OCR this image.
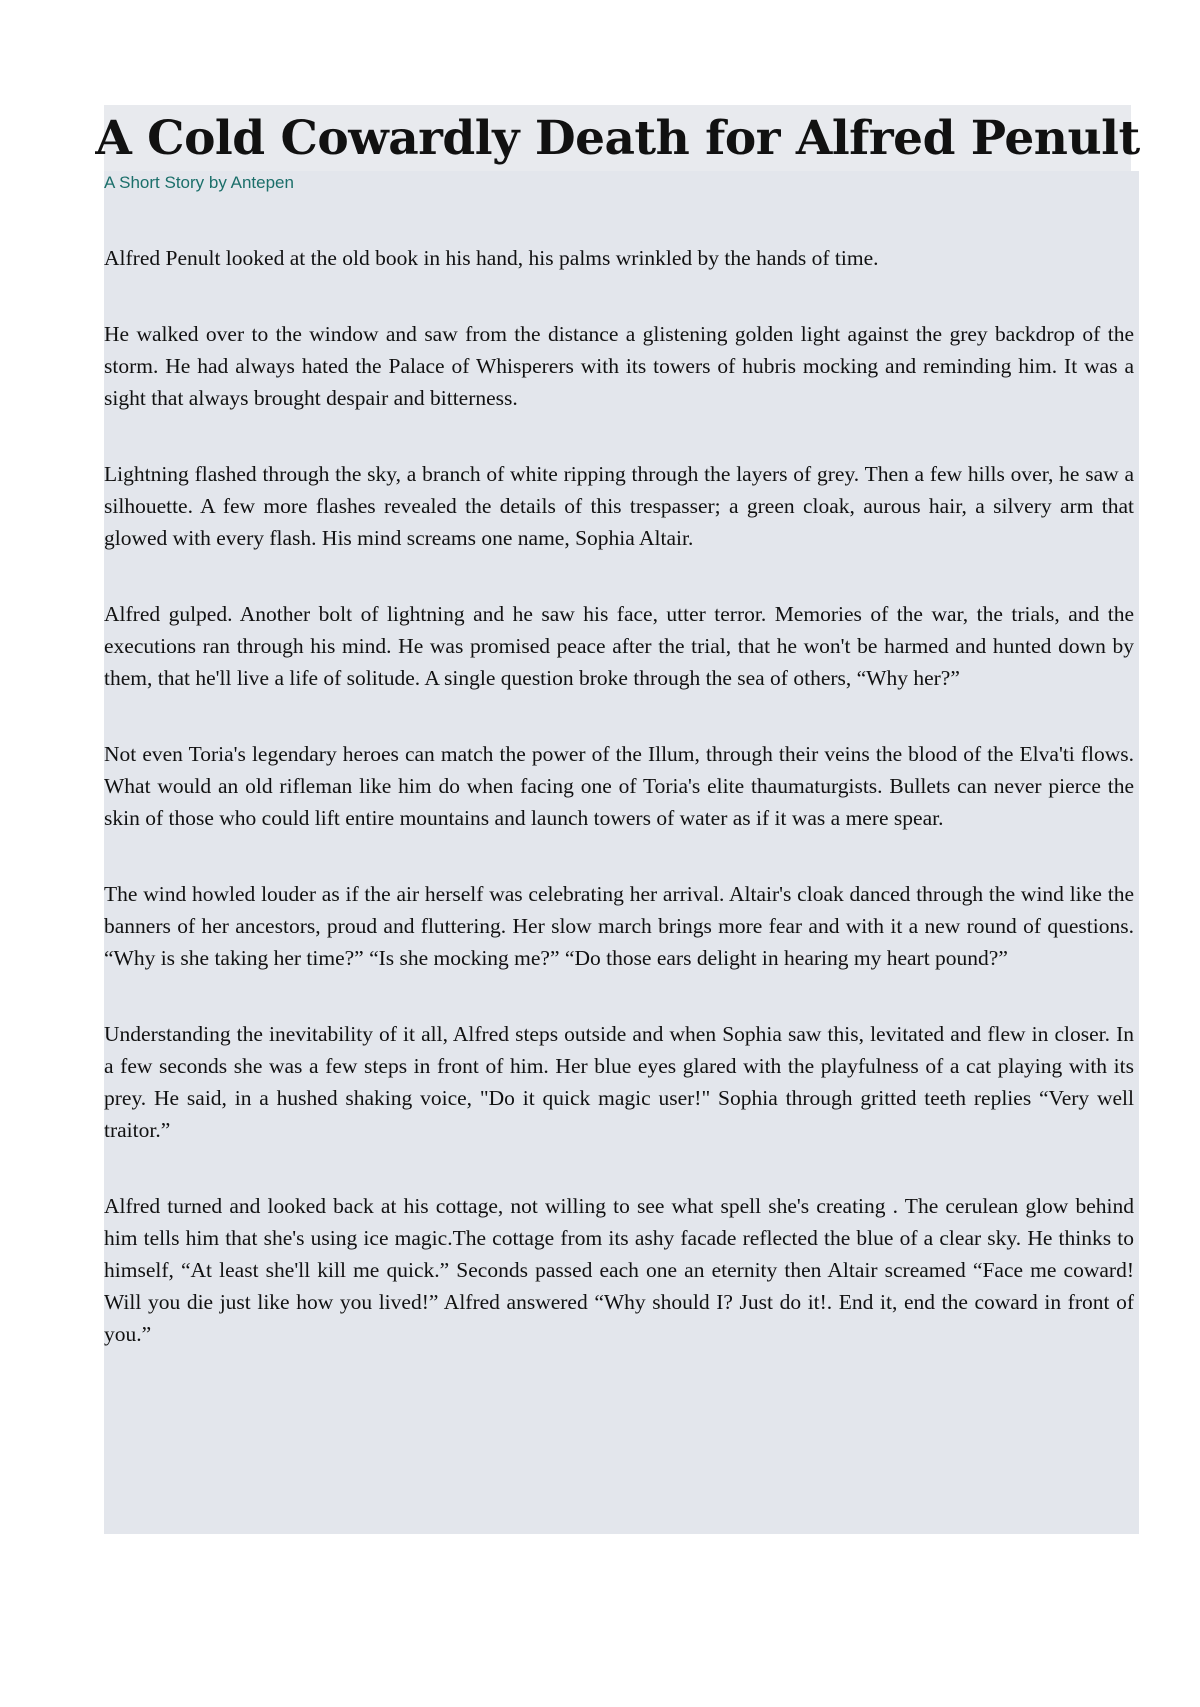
A Cold Cowardly Death for Alfred Penult

A Short Story by Antepen

Alfred Penult looked at the old book in his hand, his palms wrinkled by the hands of time.

He walked over to the window and saw from the distance a glistening golden light against the grey backdrop of the storm. He had always hated the Palace of Whisperers with its towers of hubris mocking and reminding him. It was a sight that always brought despair and bitterness.

Lightning flashed through the sky, a branch of white ripping through the layers of grey. Then a few hills over, he saw a silhouette. A few more flashes revealed the details of this trespasser; a green cloak, aurous hair, a silvery arm that glowed with every flash. His mind screams one name, Sophia Altair.

Alfred gulped. Another bolt of lightning and he saw his face, utter terror. Memories of the war, the trials, and the executions ran through his mind. He was promised peace after the trial, that he won't be harmed and hunted down by them, that he'll live a life of solitude. A single question broke through the sea of others, “Why her?”

Not even Toria's legendary heroes can match the power of the Illum, through their veins the blood of the Elva'ti flows. What would an old rifleman like him do when facing one of Toria's elite thaumaturgists. Bullets can never pierce the skin of those who could lift entire mountains and launch towers of water as if it was a mere spear.

The wind howled louder as if the air herself was celebrating her arrival. Altair's cloak danced through the wind like the banners of her ancestors, proud and fluttering. Her slow march brings more fear and with it a new round of questions. “Why is she taking her time?” “Is she mocking me?” “Do those ears delight in hearing my heart pound?”

Understanding the inevitability of it all, Alfred steps outside and when Sophia saw this, levitated and flew in closer. In a few seconds she was a few steps in front of him. Her blue eyes glared with the playfulness of a cat playing with its prey. He said, in a hushed shaking voice, "Do it quick magic user!" Sophia through gritted teeth replies “Very well traitor.”

Alfred turned and looked back at his cottage, not willing to see what spell she's creating . The cerulean glow behind him tells him that she's using ice magic.The cottage from its ashy facade reflected the blue of a clear sky. He thinks to himself, “At least she'll kill me quick.” Seconds passed each one an eternity then Altair screamed “Face me coward! Will you die just like how you lived!” Alfred answered “Why should I? Just do it!. End it, end the coward in front of you.”
